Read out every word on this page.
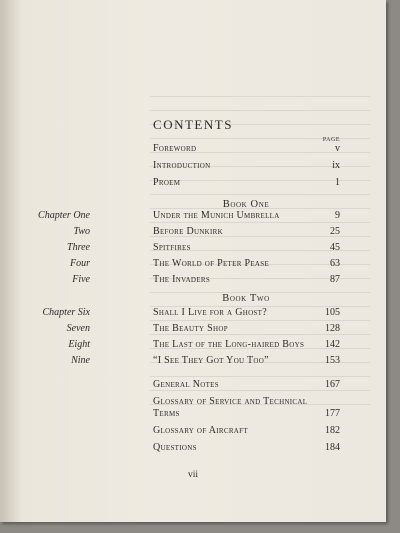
CONTENTS
PAGE
Foreword	v
Introduction	ix
Proem	1
Book One
Chapter One	Under the Munich Umbrella	9
Two	Before Dunkirk	25
Three	Spitfires	45
Four	The World of Peter Pease	63
Five	The Invaders	87
Book Two
Chapter Six	Shall I Live for a Ghost?	105
Seven	The Beauty Shop	128
Eight	The Last of the Long-haired Boys 142
Nine	“I See They Got You Too”	153
General Notes	167
Glossary of Service and Technical
Terms	177
Glossary of Aircraft	182
Questions	184
vii
